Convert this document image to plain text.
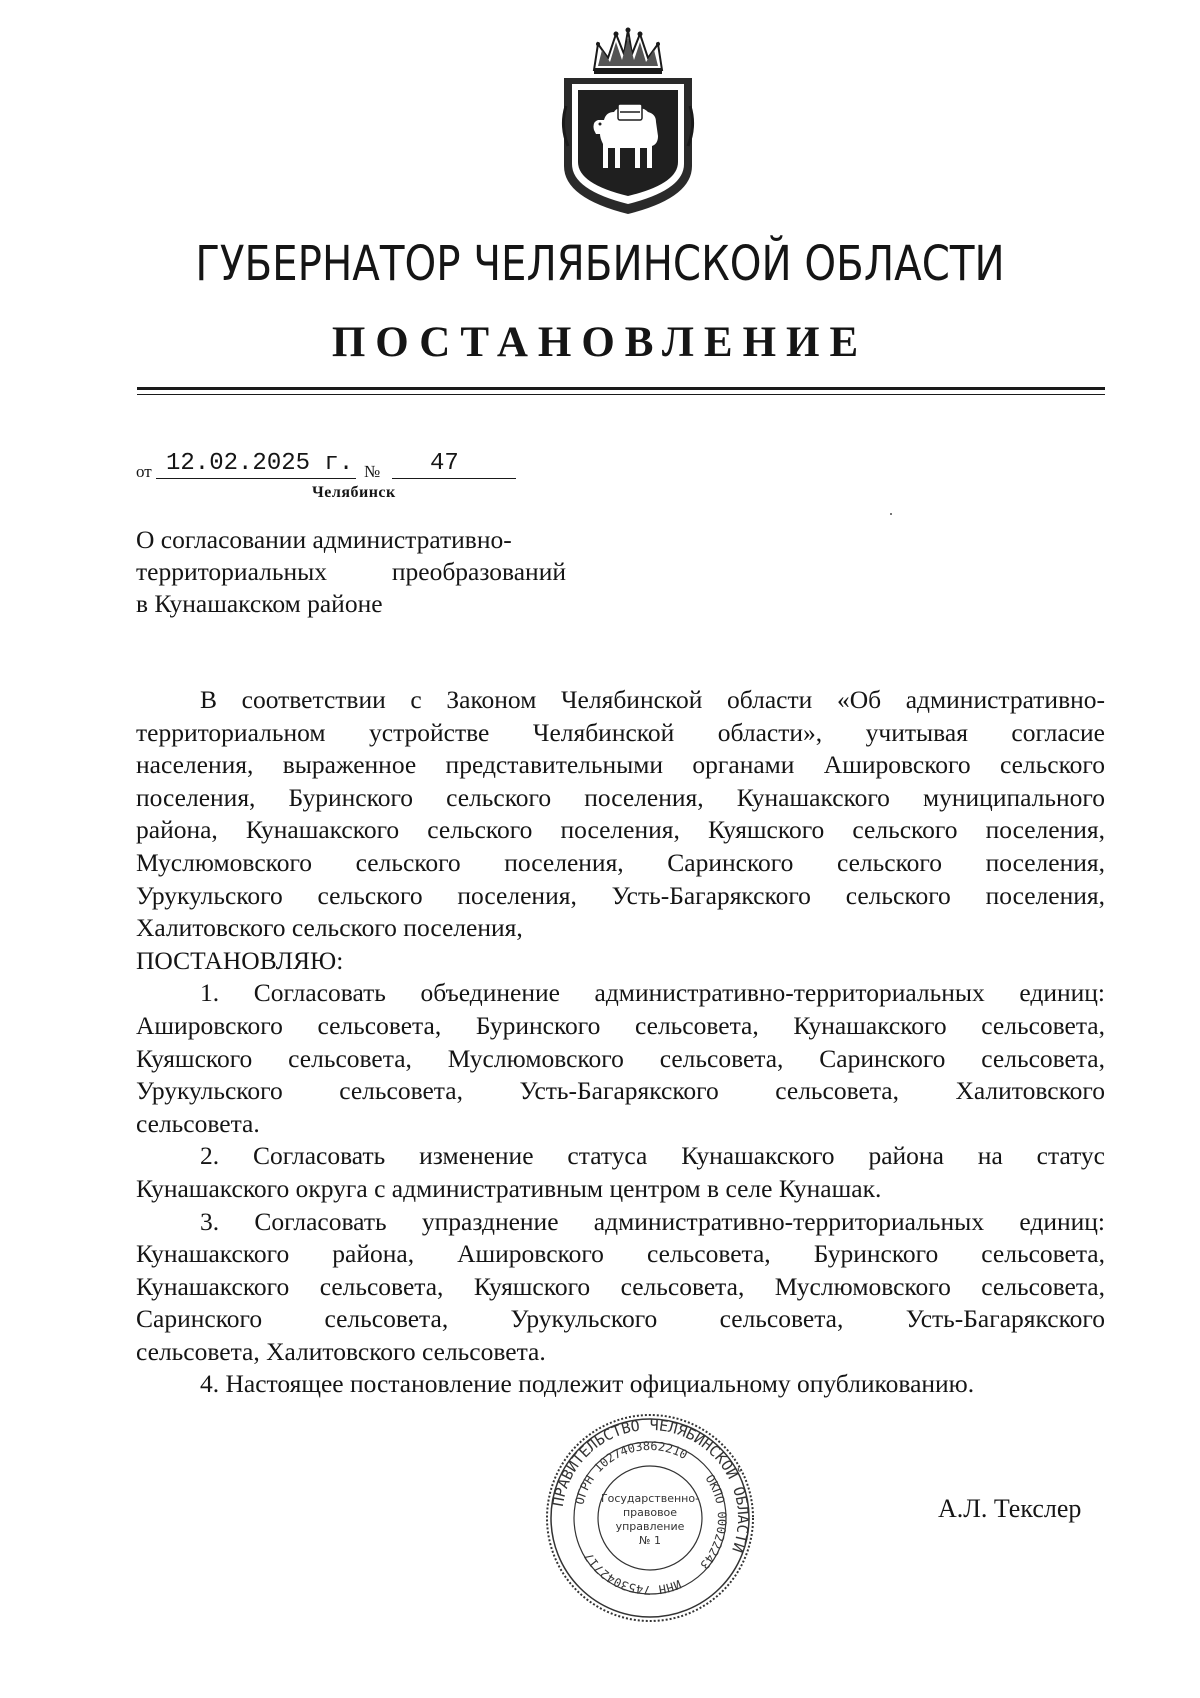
ГУБЕРНАТОР ЧЕЛЯБИНСКОЙ ОБЛАСТИ
ПОСТАНОВЛЕНИЕ
от 12.02.2025 г. № 47
Челябинск
О согласовании административно-
территориальных преобразований
в Кунашакском районе
В соответствии с Законом Челябинской области «Об административно-
территориальном устройстве Челябинской области», учитывая согласие
населения, выраженное представительными органами Ашировского сельского
поселения, Буринского сельского поселения, Кунашакского муниципального
района, Кунашакского сельского поселения, Куяшского сельского поселения,
Муслюмовского сельского поселения, Саринского сельского поселения,
Урукульского сельского поселения, Усть-Багарякского сельского поселения,
Халитовского сельского поселения,
ПОСТАНОВЛЯЮ:
1. Согласовать объединение административно-территориальных единиц:
Ашировского сельсовета, Буринского сельсовета, Кунашакского сельсовета,
Куяшского сельсовета, Муслюмовского сельсовета, Саринского сельсовета,
Урукульского сельсовета, Усть-Багарякского сельсовета, Халитовского
сельсовета.
2. Согласовать изменение статуса Кунашакского района на статус
Кунашакского округа с административным центром в селе Кунашак.
3. Согласовать упразднение административно-территориальных единиц:
Кунашакского района, Ашировского сельсовета, Буринского сельсовета,
Кунашакского сельсовета, Куяшского сельсовета, Муслюмовского сельсовета,
Саринского сельсовета, Урукульского сельсовета, Усть-Багарякского
сельсовета, Халитовского сельсовета.
4. Настоящее постановление подлежит официальному опубликованию.
ПРАВИТЕЛЬСТВО ЧЕЛЯБИНСКОЙ ОБЛАСТИ
ОГРН 1027403862210
ОКПО 00022243
ИНН 7453042717
Государственно-
правовое
управление
№ 1
А.Л. Текслер
